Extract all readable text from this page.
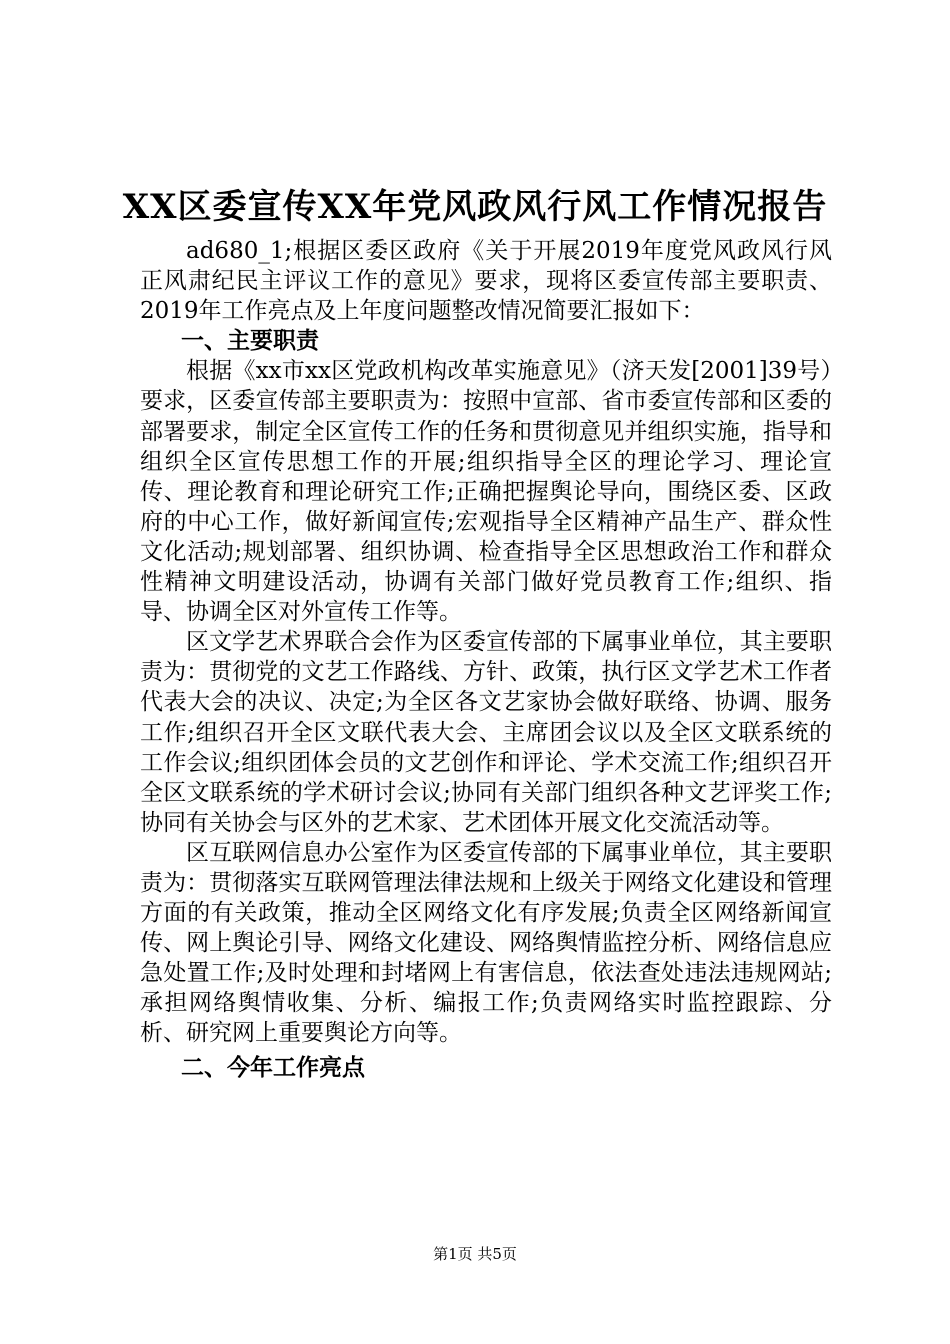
XX区委宣传XX年党风政风行风工作情况报告

ad680_1;根据区委区政府《关于开展2019年度党风政风行风正风肃纪民主评议工作的意见》要求，现将区委宣传部主要职责、2019年工作亮点及上年度问题整改情况简要汇报如下：

一、主要职责

根据《xx市xx区党政机构改革实施意见》（济天发[2001]39号）要求，区委宣传部主要职责为：按照中宣部、省市委宣传部和区委的部署要求，制定全区宣传工作的任务和贯彻意见并组织实施，指导和组织全区宣传思想工作的开展;组织指导全区的理论学习、理论宣传、理论教育和理论研究工作;正确把握舆论导向，围绕区委、区政府的中心工作，做好新闻宣传;宏观指导全区精神产品生产、群众性文化活动;规划部署、组织协调、检查指导全区思想政治工作和群众性精神文明建设活动，协调有关部门做好党员教育工作;组织、指导、协调全区对外宣传工作等。

区文学艺术界联合会作为区委宣传部的下属事业单位，其主要职责为：贯彻党的文艺工作路线、方针、政策，执行区文学艺术工作者代表大会的决议、决定;为全区各文艺家协会做好联络、协调、服务工作;组织召开全区文联代表大会、主席团会议以及全区文联系统的工作会议;组织团体会员的文艺创作和评论、学术交流工作;组织召开全区文联系统的学术研讨会议;协同有关部门组织各种文艺评奖工作;协同有关协会与区外的艺术家、艺术团体开展文化交流活动等。

区互联网信息办公室作为区委宣传部的下属事业单位，其主要职责为：贯彻落实互联网管理法律法规和上级关于网络文化建设和管理方面的有关政策，推动全区网络文化有序发展;负责全区网络新闻宣传、网上舆论引导、网络文化建设、网络舆情监控分析、网络信息应急处置工作;及时处理和封堵网上有害信息，依法查处违法违规网站;承担网络舆情收集、分析、编报工作;负责网络实时监控跟踪、分析、研究网上重要舆论方向等。

二、今年工作亮点
第1页 共5页
